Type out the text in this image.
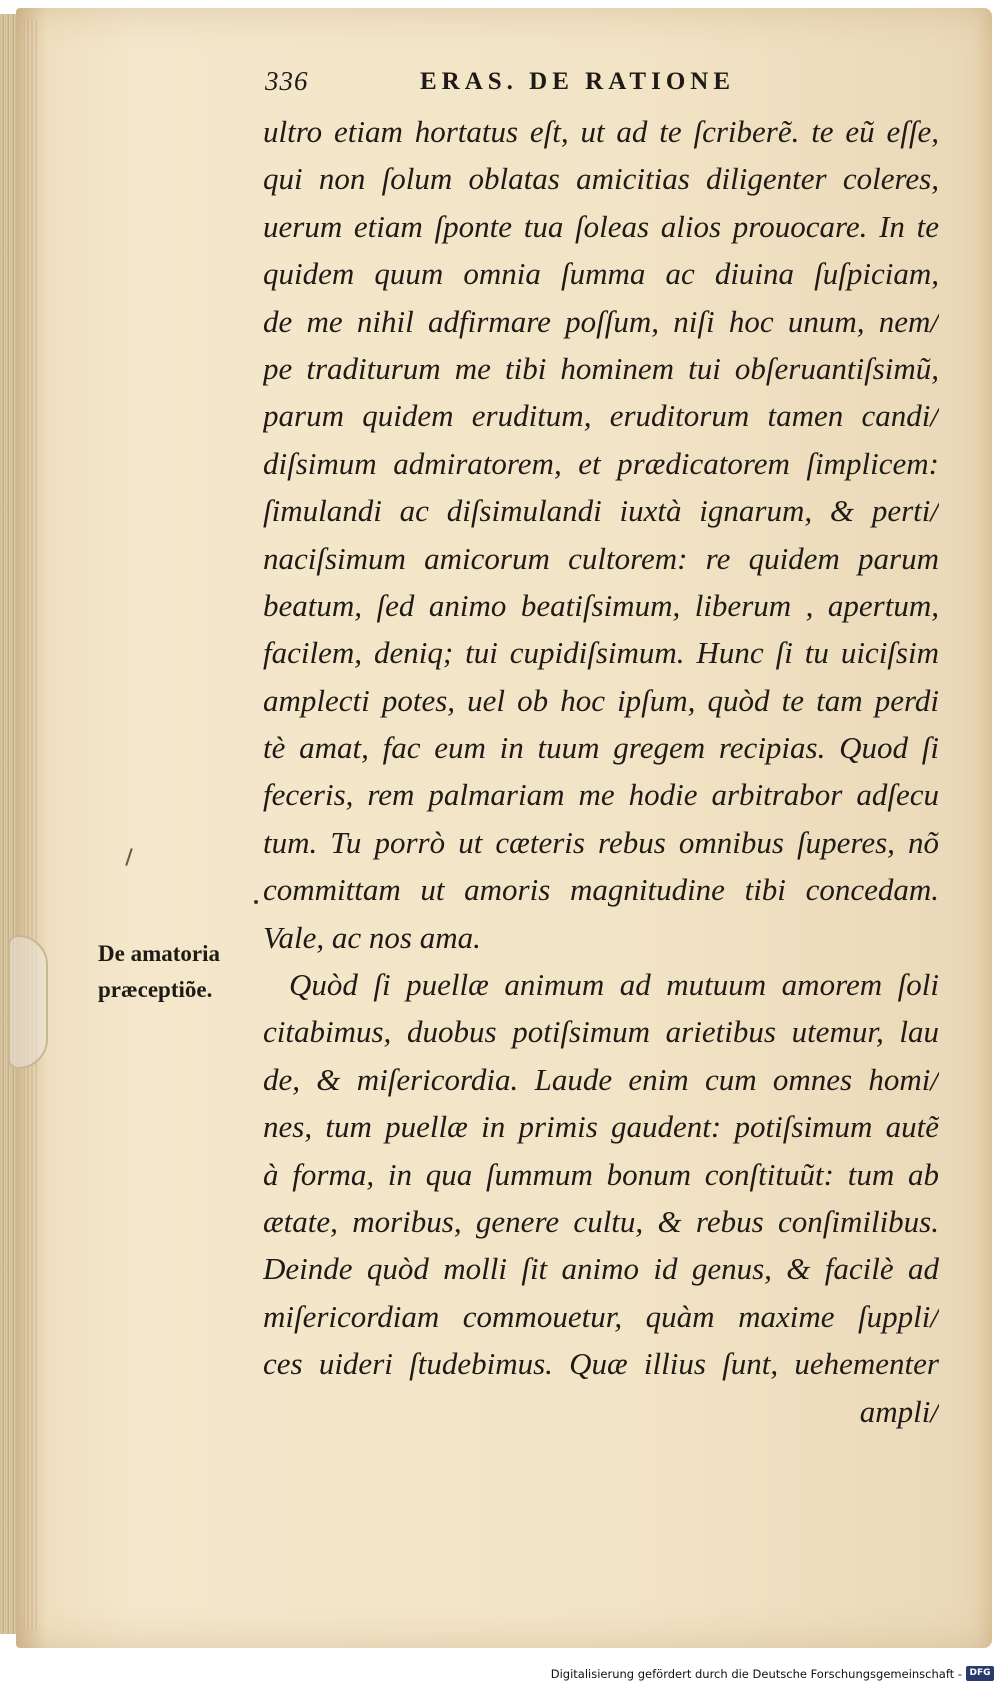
336	ERAS. DE RATIONE
De amatoria
præceptiõe.
ultro etiam hortatus eſt, ut ad te ſcriberẽ. te eũ eſſe,
qui non ſolum oblatas amicitias diligenter coleres,
uerum etiam ſponte tua ſoleas alios prouocare. In te
quidem quum omnia ſumma ac diuina ſuſpiciam,
de me nihil adfirmare poſſum, niſi hoc unum, nem/
pe traditurum me tibi hominem tui obſeruantiſsimũ,
parum quidem eruditum, eruditorum tamen candi/
diſsimum admiratorem, et prædicatorem ſimplicem:
ſimulandi ac diſsimulandi iuxtà ignarum, & perti/
naciſsimum amicorum cultorem: re quidem parum
beatum, ſed animo beatiſsimum, liberum , apertum,
facilem, deniq; tui cupidiſsimum. Hunc ſi tu uiciſsim
amplecti potes, uel ob hoc ipſum, quòd te tam perdi
tè amat, fac eum in tuum gregem recipias. Quod ſi
feceris, rem palmariam me hodie arbitrabor adſecu
tum. Tu porrò ut cæteris rebus omnibus ſuperes, nõ
committam ut amoris magnitudine tibi concedam.
Vale, ac nos ama.
Quòd ſi puellæ animum ad mutuum amorem ſoli
citabimus, duobus potiſsimum arietibus utemur, lau
de, & miſericordia. Laude enim cum omnes homi/
nes, tum puellæ in primis gaudent: potiſsimum autẽ
à forma, in qua ſummum bonum conſtituũt: tum ab
ætate, moribus, genere cultu, & rebus conſimilibus.
Deinde quòd molli ſit animo id genus, & facilè ad
miſericordiam commouetur, quàm maxime ſuppli/
ces uideri ſtudebimus. Quæ illius ſunt, uehementer
ampli/
Digitalisierung gefördert durch die Deutsche Forschungsgemeinschaft - DFG
